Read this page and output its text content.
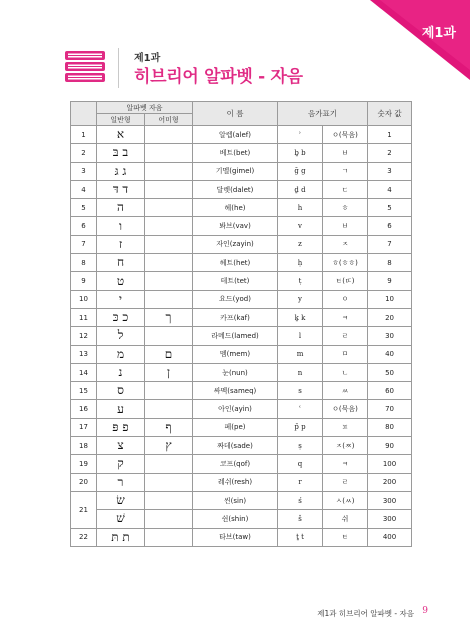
제1과
제1과
히브리어 알파벳 - 자음
	알파벳 자음		이 름	음가표기		숫자 값
	일반형	어미형				
1	א		알렙(alef)	ʾ	ㅇ(묵음)	1
2	ב בּ		베트(bet)	ḇ b	ㅂ	2
3	ג גּ		기멜(gimel)	ḡ g	ㄱ	3
4	ד דּ		달렛(dalet)	ḏ d	ㄷ	4
5	ה		헤(he)	h	ㅎ	5
6	ו		봐브(vav)	v	ㅂ	6
7	ז		자인(zayin)	z	ㅈ	7
8	ח		헤트(het)	ḥ	ㅎ(ㅎㅎ)	8
9	ט		테트(tet)	ṭ	ㅌ(ㄸ)	9
10	י		요드(yod)	y	ㅇ	10
11	כ כּ	ך	카프(kaf)	ḵ k	ㅋ	20
12	ל		라메드(lamed)	l	ㄹ	30
13	מ	ם	멤(mem)	m	ㅁ	40
14	נ	ן	눈(nun)	n	ㄴ	50
15	ס		싸멕(sameq)	s	ㅆ	60
16	ע		아인(ayin)	ʿ	ㅇ(묵음)	70
17	פ פּ	ף	페(pe)	p̄ p	ㅍ	80
18	צ	ץ	짜데(sade)	ṣ	ㅈ(ㅉ)	90
19	ק		코프(qof)	q	ㅋ	100
20	ר		레쉬(resh)	r	ㄹ	200
21	שׂ		씬(sin)	ś	ㅅ(ㅆ)	300
	שׁ		쉰(shin)	š	쉬	300
22	ת תּ		타브(taw)	ṯ t	ㅌ	400
제1과 히브리어 알파벳 - 자음 9
